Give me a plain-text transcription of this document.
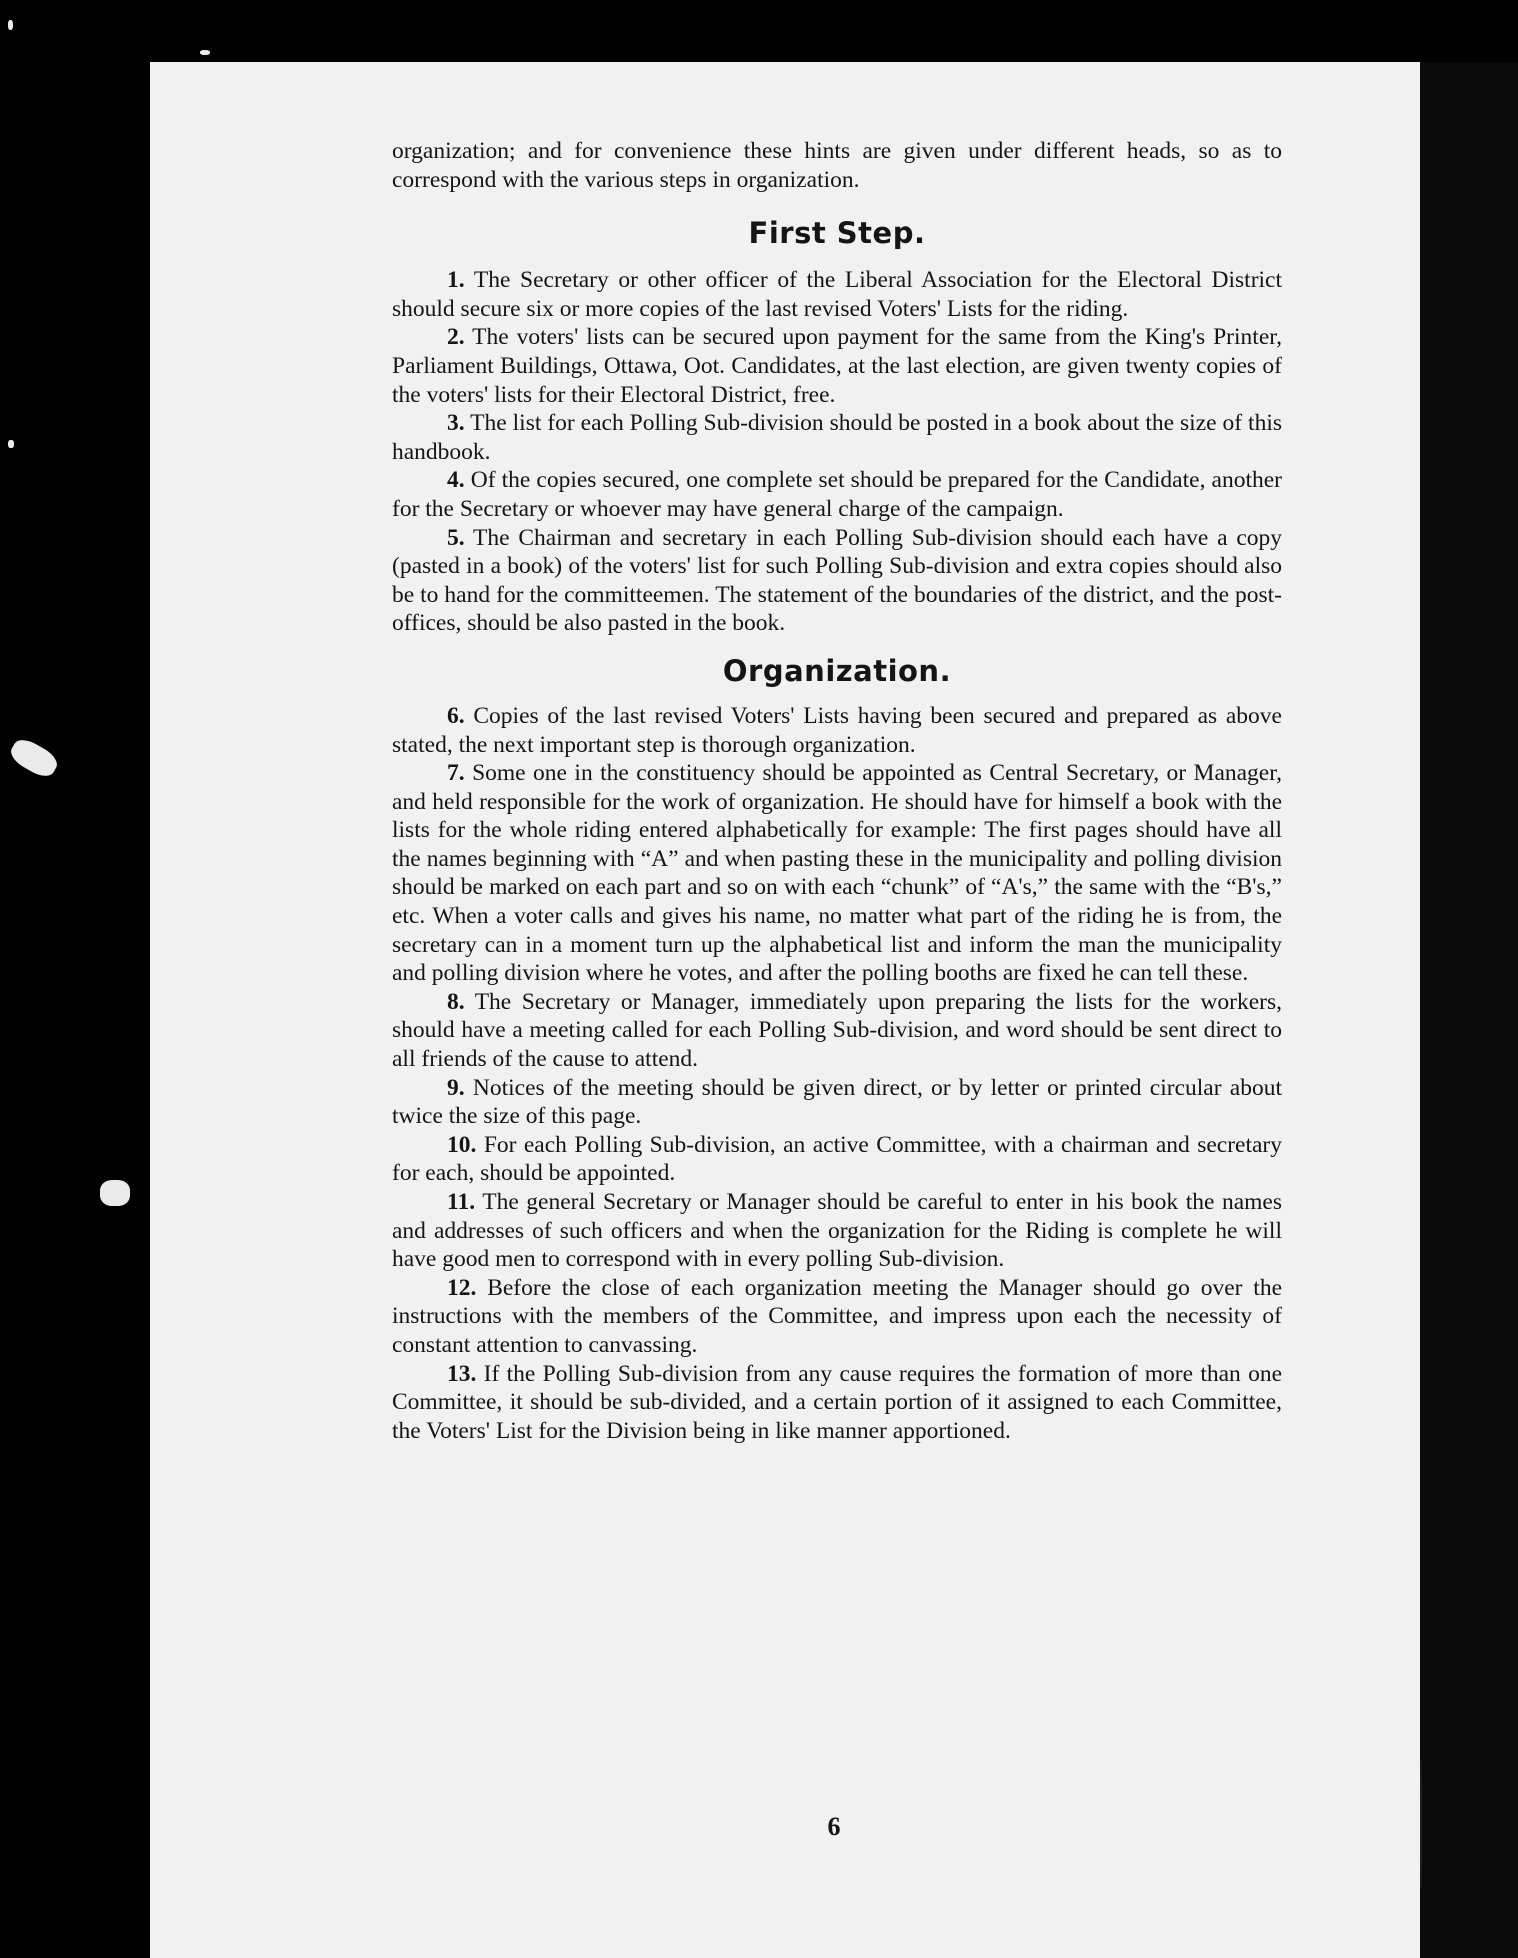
organization; and for convenience these hints are given under different heads, so as to correspond with the various steps in organization.

First Step.

1. The Secretary or other officer of the Liberal Association for the Electoral District should secure six or more copies of the last revised Voters' Lists for the riding.

2. The voters' lists can be secured upon payment for the same from the King's Printer, Parliament Buildings, Ottawa, Oot. Candidates, at the last election, are given twenty copies of the voters' lists for their Electoral District, free.

3. The list for each Polling Sub-division should be posted in a book about the size of this handbook.

4. Of the copies secured, one complete set should be prepared for the Candidate, another for the Secretary or whoever may have general charge of the campaign.

5. The Chairman and secretary in each Polling Sub-division should each have a copy (pasted in a book) of the voters' list for such Polling Sub-division and extra copies should also be to hand for the committeemen. The statement of the boundaries of the district, and the post-offices, should be also pasted in the book.

Organization.

6. Copies of the last revised Voters' Lists having been secured and prepared as above stated, the next important step is thorough organization.

7. Some one in the constituency should be appointed as Central Secretary, or Manager, and held responsible for the work of organization. He should have for himself a book with the lists for the whole riding entered alphabetically for example: The first pages should have all the names beginning with “A” and when pasting these in the municipality and polling division should be marked on each part and so on with each “chunk” of “A's,” the same with the “B's,” etc. When a voter calls and gives his name, no matter what part of the riding he is from, the secretary can in a moment turn up the alphabetical list and inform the man the municipality and polling division where he votes, and after the polling booths are fixed he can tell these.

8. The Secretary or Manager, immediately upon preparing the lists for the workers, should have a meeting called for each Polling Sub-division, and word should be sent direct to all friends of the cause to attend.

9. Notices of the meeting should be given direct, or by letter or printed circular about twice the size of this page.

10. For each Polling Sub-division, an active Committee, with a chairman and secretary for each, should be appointed.

11. The general Secretary or Manager should be careful to enter in his book the names and addresses of such officers and when the organization for the Riding is complete he will have good men to correspond with in every polling Sub-division.

12. Before the close of each organization meeting the Manager should go over the instructions with the members of the Committee, and impress upon each the necessity of constant attention to canvassing.

13. If the Polling Sub-division from any cause requires the formation of more than one Committee, it should be sub-divided, and a certain portion of it assigned to each Committee, the Voters' List for the Division being in like manner apportioned.

6
